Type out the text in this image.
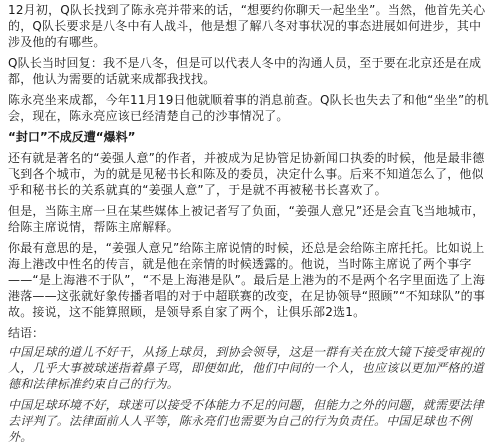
12月初，Q队长找到了陈永亮并带来的话，“想要约你聊天一起坐坐”。当然，他首先关心的，Q队长要求是八冬中有人战斗，他是想了解八冬对事状况的事态进展如何进步，其中涉及他的有哪些。

Q队长当时回复：我不是八冬，但是可以代表人冬中的沟通人员，至于要在北京还是在成都，他认为需要的话就来成都我找找。

陈永亮坐来成都，今年11月19日他就顺着事的消息前查。Q队长也失去了和他“坐坐”的机会，现在，陈永亮应该已经清楚自己的沙事情况了。

“封口”不成反遭“爆料”

还有就是著名的“姜强人意”的作者，并被成为足协管足协新闻口执委的时候，他是最非德飞到各个城市，为的就是见秘书长和陈及的委员，决定什么事。后来不知道怎么了，他似乎和秘书长的关系就真的“姜强人意”了，于是就不再被秘书长喜欢了。

但是，当陈主席一旦在某些媒体上被记者写了负面，“姜强人意兄”还是会直飞当地城市，给陈主席说情，帮陈主席解释。

你最有意思的是，“姜强人意兄”给陈主席说情的时候，还总是会给陈主席托托。比如说上海上港改中性名的传言，就是他在亲情的时候透露的。他说，当时陈主席说了两个事字——“是上海港不于队”，“不是上海港是队”。最后是上港为的不是两个名字里面选了上海港落——这张就好象传播者唱的对于中超联赛的改变，在足协领导“照顾”“不知球队”的事故。接说，这不能算照顾，是领导系自家了两个，让俱乐部2选1。

结语：

中国足球的道儿不好干，从扬上球员，到协会领导，这是一群有关在放大镜下接受审视的人，几乎大事被球迷指着鼻子骂，即便如此，他们中间的一个人，也应该以更加严格的道德和法律标准约束自己的行为。

中国足球环境不好，球迷可以接受不体能力不足的问题，但能力之外的问题，就需要法律去评判了。法律面前人人平等，陈永亮们也需要为自己的行为负责任。中国足球也不例外。
